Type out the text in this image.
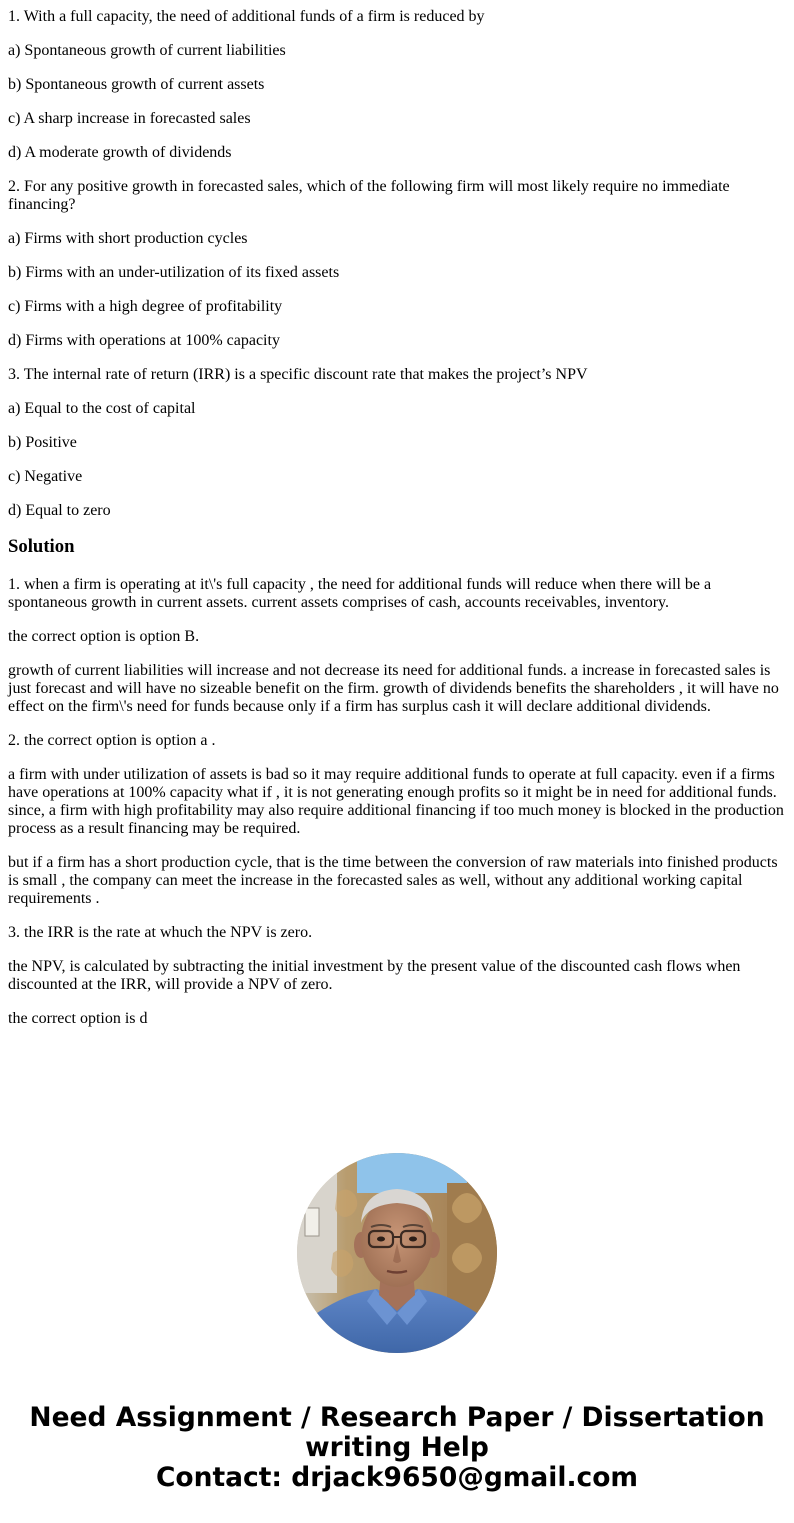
1. With a full capacity, the need of additional funds of a firm is reduced by

a) Spontaneous growth of current liabilities

b) Spontaneous growth of current assets

c) A sharp increase in forecasted sales

d) A moderate growth of dividends

2. For any positive growth in forecasted sales, which of the following firm will most likely require no immediate financing?

a) Firms with short production cycles

b) Firms with an under-utilization of its fixed assets

c) Firms with a high degree of profitability

d) Firms with operations at 100% capacity

3. The internal rate of return (IRR) is a specific discount rate that makes the project’s NPV

a) Equal to the cost of capital

b) Positive

c) Negative

d) Equal to zero

Solution

1. when a firm is operating at it\'s full capacity , the need for additional funds will reduce when there will be a spontaneous growth in current assets. current assets comprises of cash, accounts receivables, inventory.

the correct option is option B.

growth of current liabilities will increase and not decrease its need for additional funds. a increase in forecasted sales is just forecast and will have no sizeable benefit on the firm. growth of dividends benefits the shareholders , it will have no effect on the firm\'s need for funds because only if a firm has surplus cash it will declare additional dividends.

2. the correct option is option a .

a firm with under utilization of assets is bad so it may require additional funds to operate at full capacity. even if a firms have operations at 100% capacity what if , it is not generating enough profits so it might be in need for additional funds. since, a firm with high profitability may also require additional financing if too much money is blocked in the production process as a result financing may be required.

but if a firm has a short production cycle, that is the time between the conversion of raw materials into finished products is small , the company can meet the increase in the forecasted sales as well, without any additional working capital requirements .

3. the IRR is the rate at whuch the NPV is zero.

the NPV, is calculated by subtracting the initial investment by the present value of the discounted cash flows when discounted at the IRR, will provide a NPV of zero.

the correct option is d

Need Assignment / Research Paper / Dissertation
writing Help
Contact: drjack9650@gmail.com
